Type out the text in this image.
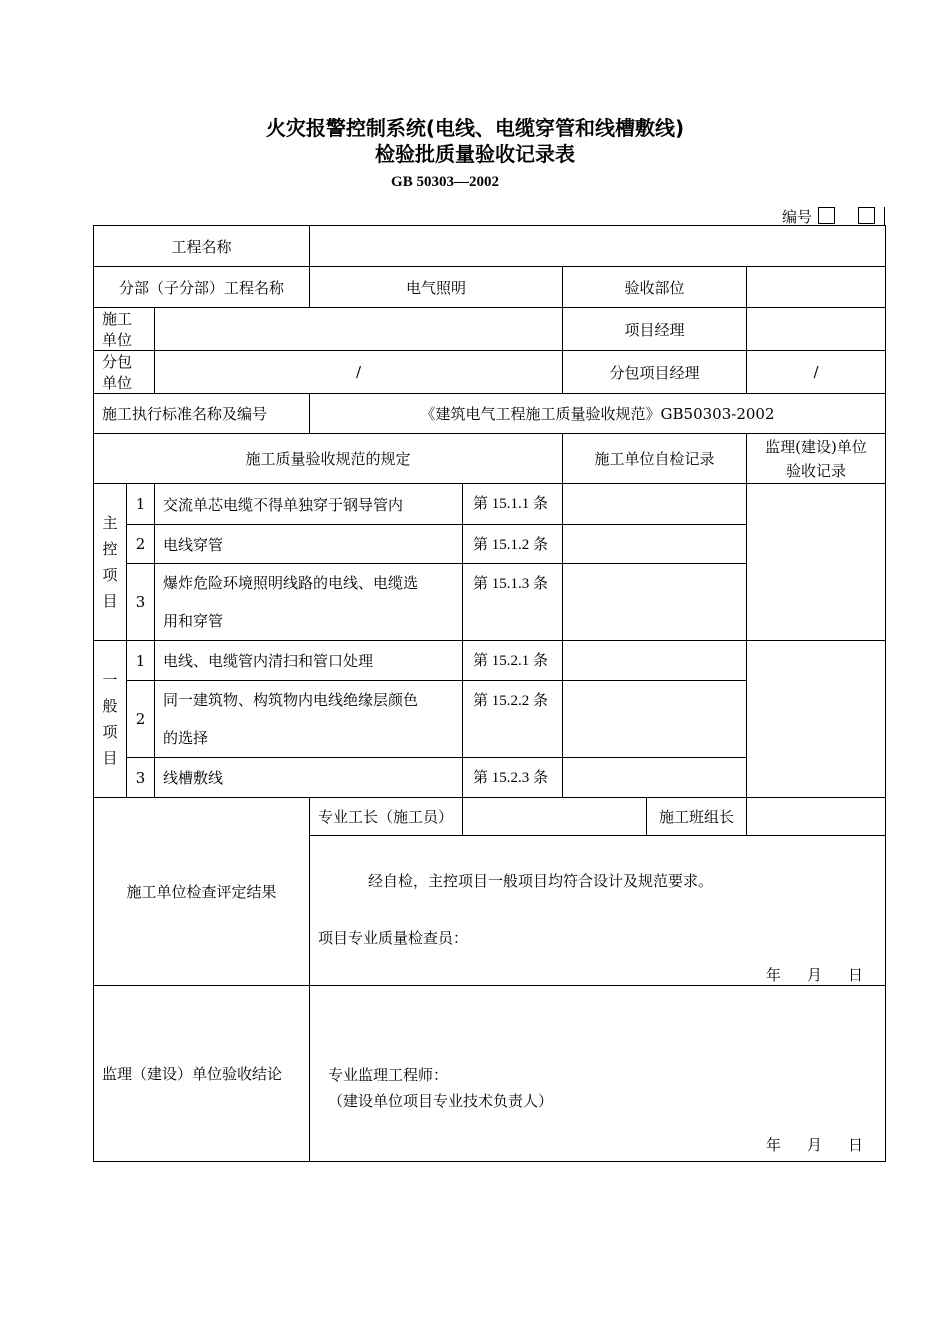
火灾报警控制系统(电线、电缆穿管和线槽敷线)
检验批质量验收记录表
GB 50303—2002
编号
工程名称							
分部（子分部）工程名称			电气照明		验收部位		
施工单位					项目经理		
分包单位		/			分包项目经理		/
施工执行标准名称及编号			《建筑电气工程施工质量验收规范》GB50303-2002				
施工质量验收规范的规定					施工单位自检记录		监理(建设)单位
验收记录
主
控
项
目	1	交流单芯电缆不得单独穿于钢导管内		第 15.1.1 条			
	2	电线穿管		第 15.1.2 条			
	3	爆炸危险环境照明线路的电线、电缆选
用和穿管		第 15.1.3 条			
一
般
项
目	1	电线、电缆管内清扫和管口处理		第 15.2.1 条			
	2	同一建筑物、构筑物内电线绝缘层颜色
的选择		第 15.2.2 条			
	3	线槽敷线		第 15.2.3 条			
施工单位检查评定结果			专业工长（施工员）			施工班组长	

			经自检，主控项目一般项目均符合设计及规范要求。
项目专业质量检查员：
年 月 日				

监理（建设）单位验收结论			专业监理工程师：
（建设单位项目专业技术负责人）
年 月 日				
